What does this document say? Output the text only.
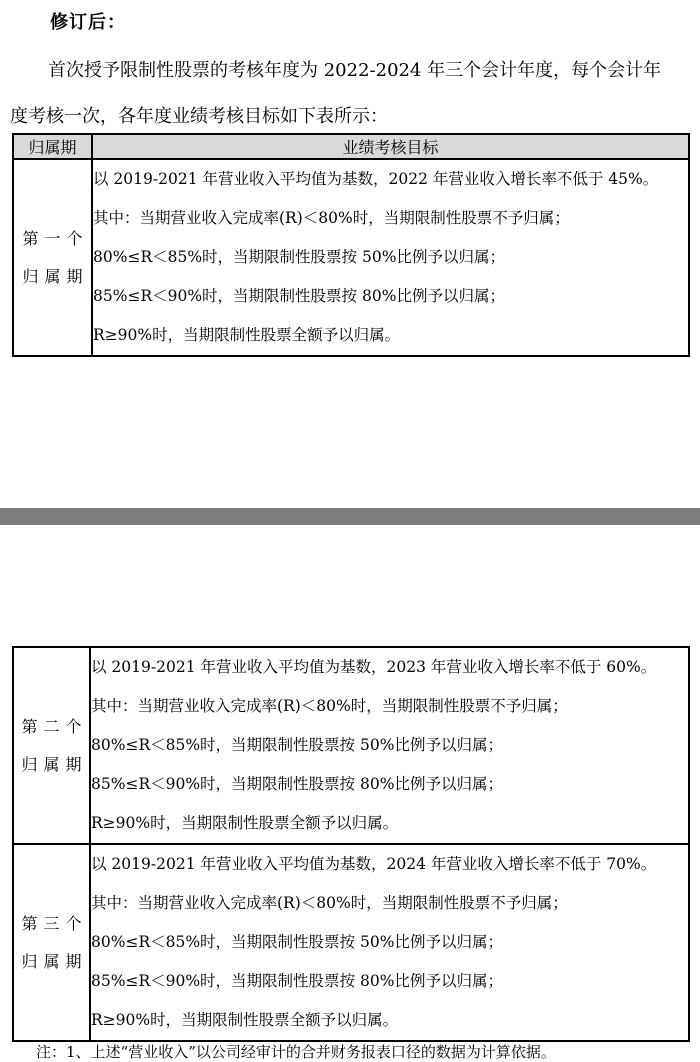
修订后：
首次授予限制性股票的考核年度为 2022-2024 年三个会计年度，每个会计年
度考核一次，各年度业绩考核目标如下表所示：
归属期	业绩考核目标
第一个归属期	以 2019-2021 年营业收入平均值为基数，2022 年营业收入增长率不低于 45%。
其中：当期营业收入完成率(R)＜80%时，当期限制性股票不予归属；
80%≤R＜85%时，当期限制性股票按 50%比例予以归属；
85%≤R＜90%时，当期限制性股票按 80%比例予以归属；
R≥90%时，当期限制性股票全额予以归属。
第二个归属期	以 2019-2021 年营业收入平均值为基数，2023 年营业收入增长率不低于 60%。
其中：当期营业收入完成率(R)＜80%时，当期限制性股票不予归属；
80%≤R＜85%时，当期限制性股票按 50%比例予以归属；
85%≤R＜90%时，当期限制性股票按 80%比例予以归属；
R≥90%时，当期限制性股票全额予以归属。

第三个归属期	以 2019-2021 年营业收入平均值为基数，2024 年营业收入增长率不低于 70%。
其中：当期营业收入完成率(R)＜80%时，当期限制性股票不予归属；
80%≤R＜85%时，当期限制性股票按 50%比例予以归属；
85%≤R＜90%时，当期限制性股票按 80%比例予以归属；
R≥90%时，当期限制性股票全额予以归属。
注：1、上述“营业收入”以公司经审计的合并财务报表口径的数据为计算依据。
